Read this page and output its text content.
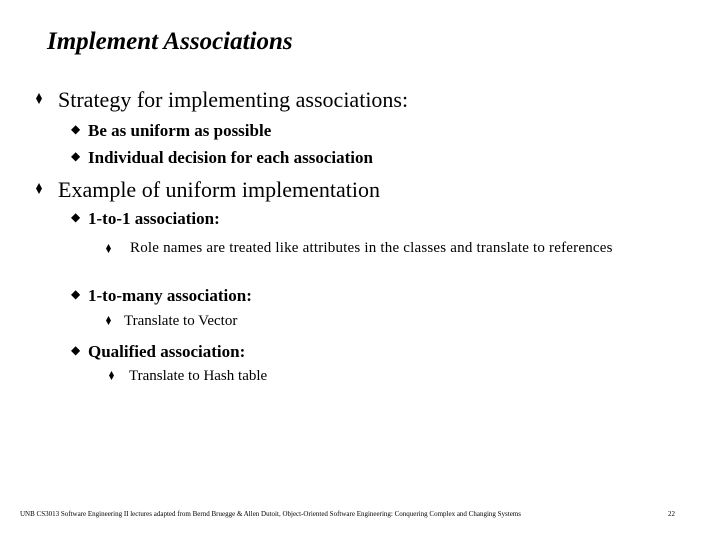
Implement Associations
Strategy for implementing associations:
◆ Be as uniform as possible
◆ Individual decision for each association
Example of uniform implementation
◆ 1-to-1 association:
Role names are treated like attributes in the classes and translate to references
◆ 1-to-many association:
Translate to Vector
◆ Qualified association:
Translate to Hash table
UNB CS3013 Software Engineering II lectures adapted from Bernd Bruegge & Allen Dutoit, Object-Oriented Software Engineering: Conquering Complex and Changing Systems	22
